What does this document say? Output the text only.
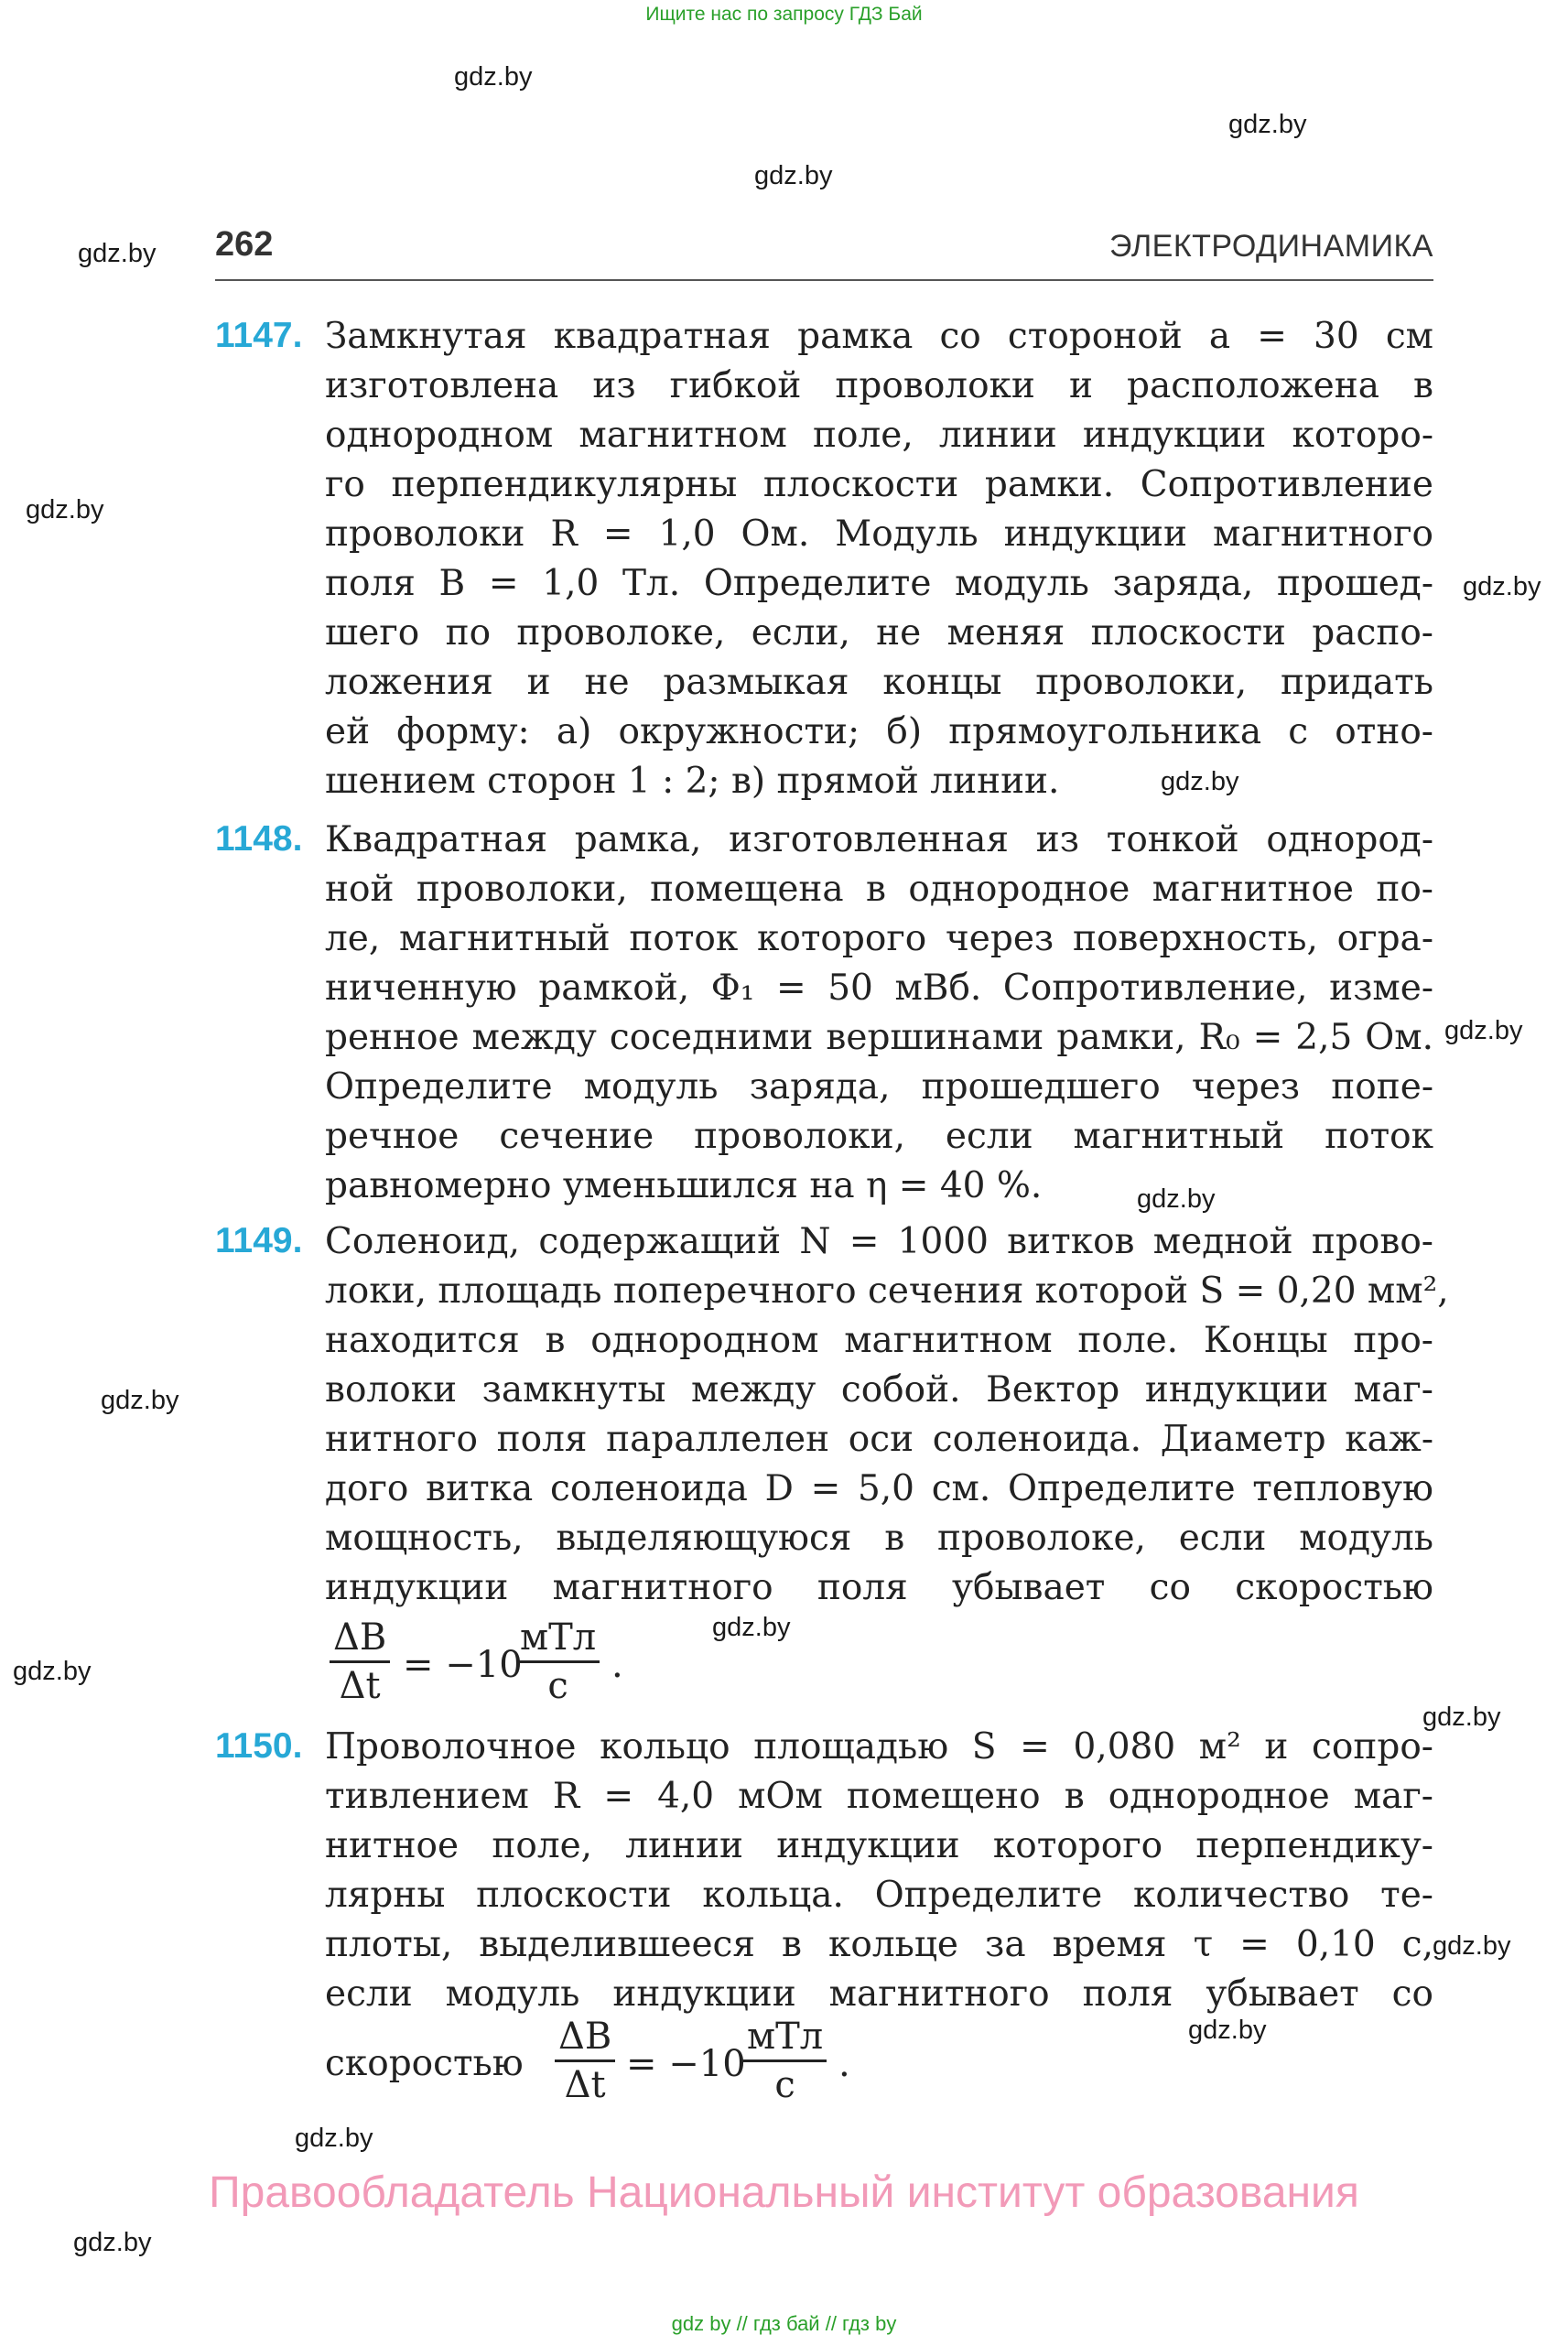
Ищите нас по запросу ГДЗ Бай
gdz.by
gdz.by
gdz.by
gdz.by
gdz.by
gdz.by
gdz.by
gdz.by
gdz.by
gdz.by
gdz.by
gdz.by
gdz.by
gdz.by
gdz.by
gdz.by
gdz.by
262	ЭЛЕКТРОДИНАМИКА
1147. Замкнутая квадратная рамка со стороной a = 30 см
изготовлена из гибкой проволоки и расположена в
однородном магнитном поле, линии индукции которо-
го перпендикулярны плоскости рамки. Сопротивление
проволоки R = 1,0 Ом. Модуль индукции магнитного
поля B = 1,0 Тл. Определите модуль заряда, прошед-
шего по проволоке, если, не меняя плоскости распо-
ложения и не размыкая концы проволоки, придать
ей форму: а) окружности; б) прямоугольника с отно-
шением сторон 1 : 2; в) прямой линии.
1148. Квадратная рамка, изготовленная из тонкой однород-
ной проволоки, помещена в однородное магнитное по-
ле, магнитный поток которого через поверхность, огра-
ниченную рамкой, Φ₁ = 50 мВб. Сопротивление, изме-
ренное между соседними вершинами рамки, R₀ = 2,5 Ом.
Определите модуль заряда, прошедшего через попе-
речное сечение проволоки, если магнитный поток
равномерно уменьшился на η = 40 %.
1149. Соленоид, содержащий N = 1000 витков медной прово-
локи, площадь поперечного сечения которой S = 0,20 мм²,
находится в однородном магнитном поле. Концы про-
волоки замкнуты между собой. Вектор индукции маг-
нитного поля параллелен оси соленоида. Диаметр каж-
дого витка соленоида D = 5,0 см. Определите тепловую
мощность, выделяющуюся в проволоке, если модуль
индукции магнитного поля убывает со скоростью
$\frac{\Delta B}{\Delta t} = -10$
мТл
с	.
1150. Проволочное кольцо площадью S = 0,080 м² и сопро-
тивлением R = 4,0 мОм помещено в однородное маг-
нитное поле, линии индукции которого перпендику-
лярны плоскости кольца. Определите количество те-
плоты, выделившееся в кольце за время τ = 0,10 с,
если модуль индукции магнитного поля убывает со
скоростью $\frac{\Delta B}{\Delta t} = -10$
мТл
с	.
Правообладатель Национальный институт образования
gdz by // гдз бай // гдз by
